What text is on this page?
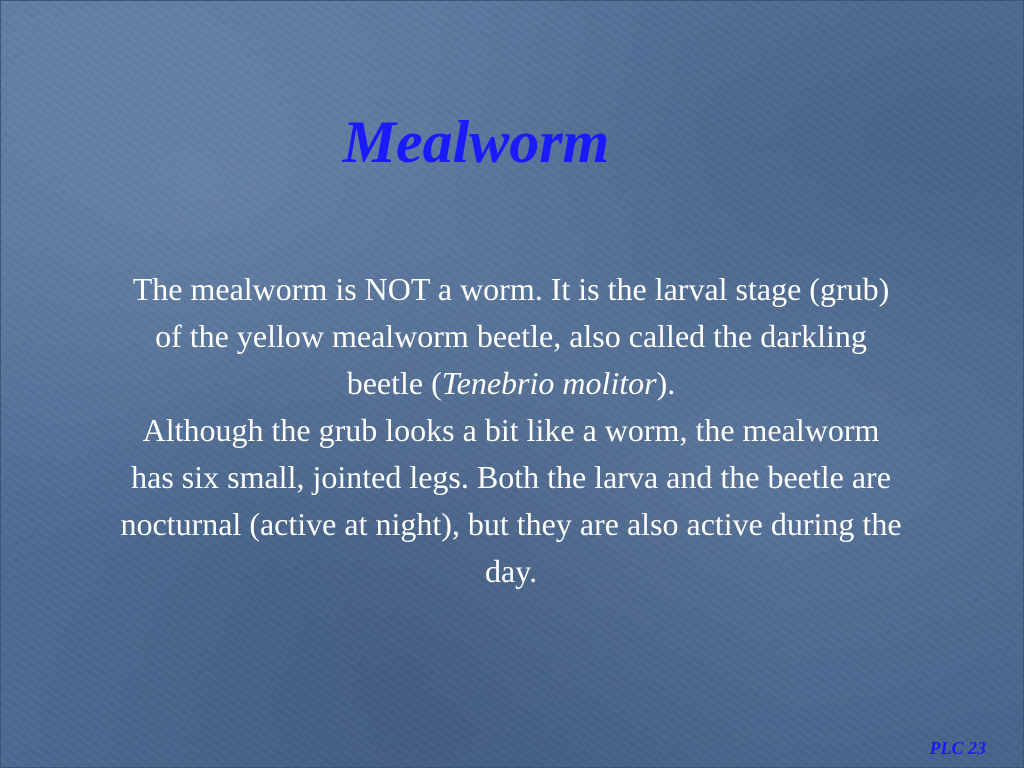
Mealworm

The mealworm is NOT a worm. It is the larval stage (grub) of the yellow mealworm beetle, also called the darkling beetle (Tenebrio molitor).

Although the grub looks a bit like a worm, the mealworm has six small, jointed legs. Both the larva and the beetle are nocturnal (active at night), but they are also active during the day.

PLC 23
